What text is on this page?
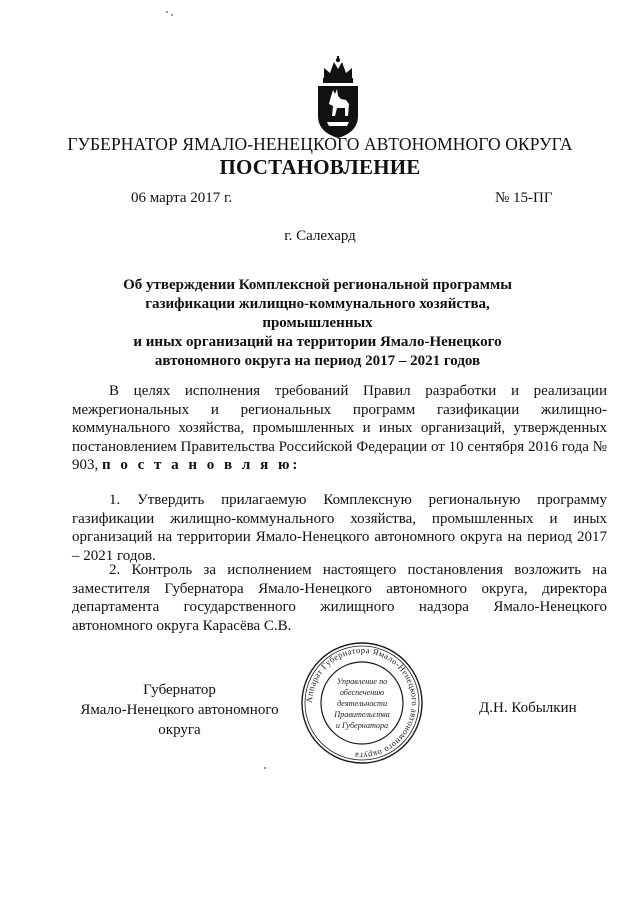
ГУБЕРНАТОР ЯМАЛО-НЕНЕЦКОГО АВТОНОМНОГО ОКРУГА
ПОСТАНОВЛЕНИЕ
06 марта 2017 г.	№ 15-ПГ
г. Салехард
Об утверждении Комплексной региональной программы
газификации жилищно-коммунального хозяйства, промышленных
и иных организаций на территории Ямало-Ненецкого
автономного округа на период 2017 – 2021 годов

В целях исполнения требований Правил разработки и реализации межрегиональных и региональных программ газификации жилищно-коммунального хозяйства, промышленных и иных организаций, утвержденных постановлением Правительства Российской Федерации от 10 сентября 2016 года № 903, п о с т а н о в л я ю:

1. Утвердить прилагаемую Комплексную региональную программу газификации жилищно-коммунального хозяйства, промышленных и иных организаций на территории Ямало-Ненецкого автономного округа на период 2017 – 2021 годов.

2. Контроль за исполнением настоящего постановления возложить на заместителя Губернатора Ямало-Ненецкого автономного округа, директора департамента государственного жилищного надзора Ямало-Ненецкого автономного округа Карасёва С.В.

Губернатор
Ямало-Ненецкого автономного округа
Д.Н. Кобылкин
Аппарат Губернатора Ямало-Ненецкого автономного округа
Управление по
обеспечению
деятельности
Правительства
и Губернатора
